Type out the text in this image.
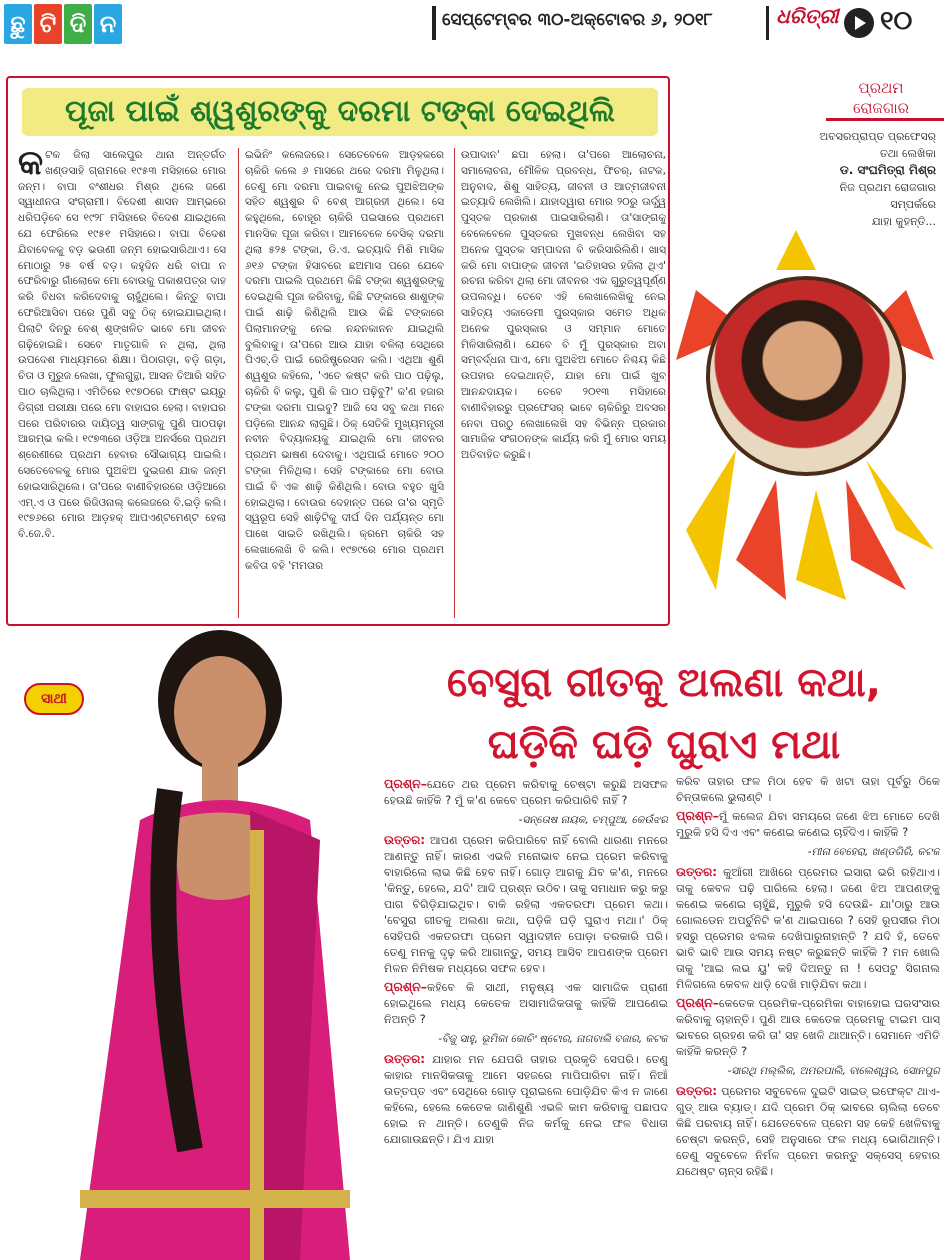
ଛୁ ଟି ଦି ନ	ସେପ୍ଟେମ୍ବର ୩୦-ଅକ୍ଟୋବର ୬, ୨୦୧୮	ଧରିତ୍ରୀ ୧୦
ପୂଜା ପାଇଁ ଶ୍ୱଶୁରଙ୍କୁ ଦରମା ଟଙ୍କା ଦେଇଥିଲି
କଟକ ଜିଲା ସାଲେପୁର ଥାନା ଅନ୍ତର୍ଗତ ଖଣ୍ଡସାହି ଗ୍ରାମରେ ୧୯୫୩ ମସିହାରେ ମୋର ଜନ୍ମ। ବାପା ବଂଶୀଧର ମିଶ୍ର ଥିଲେ ଜଣେ ସ୍ୱାଧୀନତା ସଂଗ୍ରାମୀ। ବିଦେଶୀ ଶାସନ ଆମ୍ଭରେ ଧରିପଡ଼ିବେ ସେ ୧୯୨୮ ମସିହାରେ ବିଦେଶ ଯାଇଥିଲେ ଯେ ଫେରିଲେ ୧୯୫୧ ମସିହାରେ। ବାପା ବିଦେଶ ଯିବାବେଳକୁ ବଡ଼ ଭଉଣୀ ଜନ୍ମ ହୋଇସାରିଥାଏ। ସେ ମୋଠାରୁ ୨୫ ବର୍ଷ ବଡ଼। କହୁଦିନ ଧରି ବାପା ନ ଫେରିବାରୁ ଗାଁଲୋକେ ମୋ ବୋଉକୁ ପକାଶପତ୍ର ଦାହ କରି ବିଧବା କରିଦେବାକୁ ଚାହୁଁଥିଲେ। କିନ୍ତୁ ବାପା ଫେରିଆସିବା ପରେ ପୁଣି ସବୁ ଠିକ୍ ହୋଇଯାଇଥିଲା। ପିଲାଟି ଦିନରୁ ବେଶ୍ ଶୃଙ୍ଖଳିତ ଭାବେ ମୋ ଜୀବନ ଗଢ଼ିହୋଇଛି। ସେବେ ମାତୃଗାଳି ନ ଥିଲା, ଥିଲା ଉପଦେଶ ମାଧ୍ୟମରେ ଶିକ୍ଷା। ପିଠାଗଡ଼ା, ବଡ଼ି ଗଡ଼ା, ଚିତା ଓ ମୁରୁଜ ଲେଖା, ଫୁଲଗୁନ୍ଥା, ଆସନ ତିଆରି ସହିତ ପାଠ ଚାଲିଥିଲା। ଏମିତିରେ ୧୯୭୦ରେ ଫାଷ୍ଟ ଇୟରୁ ଡିଗ୍ରୀ ପରୀକ୍ଷା ପରେ ମୋ ବାହାଘର ହେଲା। ବାହାଘର ପରେ ପରିବାରର ଦାୟିତ୍ୱ ସାଙ୍ଗକୁ ପୁଣି ପାଠପଢ଼ା ଆରମ୍ଭ କଲି। ୧୯୭୩ରେ ଓଡ଼ିଆ ଅନର୍ସରେ ପ୍ରଥମ ଶ୍ରେଣୀରେ ପ୍ରଥମ ହେବାର ସୌଭାଗ୍ୟ ପାଇଲି। ସେତେବେଳକୁ ମୋର ପୁଅଝିଅ ଦୁଇଜଣ ଯାକ ଜନ୍ମ ହୋଇସାରିଥିଲେ। ତା'ପରେ ବାଣୀବିହାରରେ ଓଡ଼ିଆରେ ଏମ୍.ଏ ଓ ପରେ ରିଜିଓନାଲ୍ କଲେଜରେ ବି.ଇଡ଼ି କଲି। ୧୯୭୬ରେ ମୋର ଆଡ଼ହକ୍ ଆପଏଣ୍ଟମେଣ୍ଟ ହେଲା ବି.ଜେ.ବି.
ଇଭିନିଂ କଲେଜରେ। ସେତେବେଳେ ଆଡ଼ହକରେ ଚାକିରି କଲେ ୬ ମାସରେ ଥରେ ଦରମା ମିଳୁଥିଲା। ତେଣୁ ମୋ ଦରମା ପାଇବାକୁ ନେଇ ପୁଅଝିଅଙ୍କ ସହିତ ଶ୍ୱଶୁର ବି ବେଶ୍ ଆଗ୍ରହୀ ଥିଲେ। ସେ କହୁଥିଲେ, ବୋହୂର ଚାକିରି ପଇସାରେ ପ୍ରଥମେ ମାନସିକ ପୂଜା କରିବା। ଆମବେଳେ ବେସିକ୍ ଦରମା ଥିଲା ୫୨୫ ଟଙ୍କା, ଡି.ଏ. ଇତ୍ୟାଦି ମିଶି ମାସିକ ୬୧୬ ଟଙ୍କା ହିସାବରେ ଛଅମାସ ପରେ ଯେବେ ଦରମା ପାଇଲି ପ୍ରଥମେ କିଛି ଟଙ୍କା ଶ୍ୱଶୁରଙ୍କୁ ଦେଇଥିଲି ପୂଜା କରିବାକୁ, କିଛି ଟଙ୍କାରେ ଶାଶୁଙ୍କ ପାଇଁ ଶାଢ଼ି କିଣିଥିଲି ଆଉ କିଛି ଟଙ୍କାରେ ପିଲାମାନଙ୍କୁ ନେଇ ନନ୍ଦନକାନନ ଯାଇଥିଲି ବୁଲିବାକୁ। ତା'ପରେ ଆଉ ଯାହା ବଳିଲା ସେଥିରେ ପିଏଚ୍.ଡି ପାଇଁ ରେଜିଷ୍ଟ୍ରେସନ କଲି। ଏଥିଆ ଶୁଣି ଶ୍ୱଶୁର କହିଲେ, 'ଏତେ କଷ୍ଟ କରି ପାଠ ପଢ଼ିଲୁ, ଚାକିରି ବି କଲୁ, ପୁଣି କି ପାଠ ପଢ଼ିବୁ?' କ'ଣ ହଜାର ଟଙ୍କା ଦରମା ପାଇବୁ? ଆଜି ସେ ସବୁ କଥା ମନେ ପଡ଼ିଲେ ଆନନ୍ଦ ଲାଗୁଛି। ଠିକ୍ ସେତିକି ମୁଖ୍ୟମନ୍ତ୍ରୀ ନବୀନ ବିଦ୍ୟାଳୟକୁ ଯାଇଥିଲି ମୋ ଜୀବନର ପ୍ରଥମ ଭାଷଣ ଦେବାକୁ। ଏଥିପାଇଁ ମୋତେ ୨୦୦ ଟଙ୍କା ମିଳିଥିଲା। ସେହି ଟଙ୍କାରେ ମୋ ବୋଉ ପାଇଁ ବି ଏକ ଶାଢ଼ି କିଣିଥିଲି। ବୋଉ ବହୁତ ଖୁସି ହୋଇଥିଲା। ବୋଉର ଦେହାନ୍ତ ପରେ ତା'ର ସ୍ମୃତି ସ୍ୱରୂପ ସେହି ଶାଢ଼ିଟିକୁ ଦୀର୍ଘ ଦିନ ପର୍ଯ୍ୟନ୍ତ ମୋ ପାଖେ ସାଇତି ରଖିଥିଲି। କ୍ରମେ ଚାକିରି ସହ ଲେଖାଲେଖି ବି କଲି। ୧୯୭୯ରେ ମୋର ପ୍ରଥମ କବିତା ବହି 'ମମତାର
ଉପାଦାନ' ଛପା ହେଲା। ତା'ପରେ ଆଲୋଚନା, ସମାଲୋଚନା, ମୌଳିକ ପ୍ରବନ୍ଧ, ଫିଚର୍, ନାଟକ, ଅନୁବାଦ, ଶିଶୁ ସାହିତ୍ୟ, ଜୀବନୀ ଓ ଆତ୍ମଜୀବନୀ ଇତ୍ୟାଦି ଲେଖିଲି। ଯାହାଦ୍ୱାରା ମୋର ୨୦ରୁ ଊର୍ଦ୍ଧ୍ୱ ପୁସ୍ତକ ପ୍ରକାଶ ପାଇସାରିଲାଣି। ତା'ସାଙ୍ଗକୁ ବେଳେବେଳେ ପୁସ୍ତକର ମୁଖବନ୍ଧ ଲେଖିବା ସହ ଅନେକ ପୁସ୍ତକ ସମ୍ପାଦନା ବି କରିସାରିଲିଣି। ଖାସ୍ କରି ମୋ ବାପାଙ୍କ ଜୀବନୀ 'ଇତିହାସର ହଜିଲା ଥିଏ' ରଚନା କରିବା ଥିଲା ମୋ ଜୀବନର ଏକ ଗୁରୁତ୍ୱପୂର୍ଣ୍ଣ ଉପଲବ୍ଧି। ତେବେ ଏହି ଲେଖାଲେଖିକୁ ନେଇ ସାହିତ୍ୟ ଏକାଡେମୀ ପୁରସ୍କାର ସମେତ ଅଧିକ ଅନେକ ପୁରସ୍କାର ଓ ସମ୍ମାନ ମୋତେ ମିଳିସାରିଲାଣି। ଯେବେ ବି ମୁଁ ପୁରସ୍କାର ଅବା ସମ୍ବର୍ଦ୍ଧନା ପାଏ, ମୋ ପୁଅଝିଅ ମୋତେ ନିଶ୍ଚୟ କିଛି ଉପହାର ଦେଇଥାନ୍ତି, ଯାହା ମୋ ପାଇଁ ଖୁବ୍ ଆନନ୍ଦଦାୟକ। ତେବେ ୨୦୧୩ ମସିହାରେ ବାଣୀବିହାରରୁ ପ୍ରଫେସର୍ ଭାବେ ଚାକିରିରୁ ଅବସର ନେବା ପରଠୁ ଲେଖାଲେଖି ସହ ବିଭିନ୍ନ ପ୍ରକାର ସାମାଜିକ ସଂଗଠନଙ୍କ କାର୍ଯ୍ୟ କରି ମୁଁ ମୋର ସମୟ ଅତିବାହିତ କରୁଛି।
ପ୍ରଥମ ରୋଜଗାର
ଅବସରପ୍ରାପ୍ତ ପ୍ରଫେସର୍
ତଥା ଲେଖିକା
ଡ. ସଂଘମିତ୍ରା ମିଶ୍ର
ନିଜ ପ୍ରଥମ ରୋଜଗାର
ସମ୍ପର୍କରେ
ଯାହା କୁହନ୍ତି...
ସାଥୀ	ବେସୁରା ଗୀତକୁ ଅଲଣା କଥା,
ଘଡ଼ିକି ଘଡ଼ି ଘୁରାଏ ମଥା

ପ୍ରଶ୍ନ–ଯେତେ ଥର ପ୍ରେମ କରିବାକୁ ଚେଷ୍ଟା କରୁଛି ଅସଫଳ ହେଉଛି କାହିଁକି ? ମୁଁ କ'ଣ କେବେ ପ୍ରେମ କରିପାରିବି ନାହିଁ ?

-ସନ୍ତୋଷ ନାୟକ, ଚମ୍ପୁଆ, କେଉଁଝର

ଉତ୍ତର: ଆପଣ ପ୍ରେମ କରିପାରିବେ ନାହିଁ ବୋଲି ଧାରଣା ମନରେ ଆଣନ୍ତୁ ନାହିଁ। କାରଣ ଏଭଳି ମନୋଭାବ ନେଇ ପ୍ରେମ କରିବାକୁ ବାହାରିଲେ ଲାଭ କିଛି ହେବ ନାହିଁ। ଗୋଡ଼ ଆଗକୁ ଯିବ କ'ଣ, ମନରେ 'କିନ୍ତୁ, ହେଲେ, ଯଦି' ଆଦି ପ୍ରଶ୍ନ ଉଠିବ। ତାକୁ ସମାଧାନ କରୁ କରୁ ପାଗ ବିଗିଡ଼ିଯାଇଥିବ। ବାକି ରହିଲା ଏକତରଫା ପ୍ରେମ କଥା। 'ବେସୁରା ଗୀତକୁ ଅଲଣା କଥା, ଘଡ଼ିକି ଘଡ଼ି ଘୁରାଏ ମଥା।' ଠିକ୍ ସେହିପରି ଏକତରଫା ପ୍ରେମ ସ୍ୱାଦହୀନ ପୋଡ଼ା ତରକାରି ପରି। ତେଣୁ ମନକୁ ଦୃଢ଼ କରି ଆଗାନ୍ତୁ, ସମୟ ଆସିବ ଆପଣଙ୍କ ପ୍ରେମ ମିଳନ ନିମିଷକ ମଧ୍ୟରେ ସଫଳ ହେବ।

ପ୍ରଶ୍ନ–କହିବେ କି ସାଥୀ, ମନୁଷ୍ୟ ଏକ ସାମାଜିକ ପ୍ରାଣୀ ହୋଇଥିଲେ ମଧ୍ୟ କେତେକ ଅସାମାଜିକତାକୁ କାହିଁକି ଆପଣେଇ ନିଅନ୍ତି ?

-ବିଜୁ ସାହୁ, ଭୂମିକା କୋଚିଂ ଷ୍ଟୋର, ନାଗବାଲି ବଜାର, କଟକ

ଉତ୍ତର: ଯାହାର ମନ ଯେପରି ତାହାର ପ୍ରକୃତି ସେପରି। ତେଣୁ କାହାର ମାନସିକତାକୁ ଆମେ ସହଜରେ ମାପିପାରିବା ନାହିଁ। ନିଆଁ ଉତ୍ତପ୍ତ ଏବଂ ସେଥିରେ ଗୋଡ଼ ପୂରାଇଲେ ପୋଡ଼ିଯିବ କିଏ ନ ଜାଣେ କହିଲେ, ହେଲେ କେତେକ ଜାଣିଶୁଣି ଏଭଳି କାମ କରିବାକୁ ପଛାପଦ ହୋଇ ନ ଥାନ୍ତି। ତେଣୁକି ନିଜ କର୍ମକୁ ନେଇ ଫଳ ବିଧାତା ଯୋଗାଉଛନ୍ତି। ଯିଏ ଯାହା

କରିବ ତାହାର ଫଳ ମିଠା ହେବ କି ଖଟା ତାହା ପୂର୍ବରୁ ଠିକେ ଚିନ୍ତାକଲେ ଭୁଲାଣ୍ଟି ।

ପ୍ରଶ୍ନ–ମୁଁ କଲେଜ ଯିବା ସମୟରେ ଜଣେ ଝିଅ ମୋତେ ଦେଖି ମୁରୁକି ହସି ଦିଏ ଏବଂ କଣେଇ କଣେଇ ଚାହିଁଦିଏ। କାହିଁକି ?

-ମୀନା ବେହେରା, ଖଣ୍ଡଗିରି, କଟକ

ଉତ୍ତର: କୁଆଁରୀ ଆଖିରେ ପ୍ରେମର ଇସାରା ଭରି ରହିଥାଏ। ତାକୁ କେବଳ ପଢ଼ି ପାରିଲେ ହେଲା। ଜଣେ ଝିଅ ଆପଣଙ୍କୁ କଣେଇ କଣେଇ ଚାହୁଁଛି, ମୁରୁକି ହସି ଦେଉଛି- ଯା'ଠାରୁ ଆଉ ଗୋଲଡେନ ଅପର୍ଚୁନିଟି କ'ଣ ଥାଇପାରେ ? ସେହି ରୂପସୀର ମିଠା ହସରୁ ପ୍ରେମର ଝଲକ ଦେଖିପାରୁନାହାନ୍ତି ? ଯଦି ହଁ, ତେବେ ଭାବି ଭାବି ଆଉ ସମୟ ନଷ୍ଟ କରୁଛନ୍ତି କାହିଁକି ? ମନ ଖୋଲି ତାକୁ 'ଆଇ ଲଭ ୟୁ' କହି ଦିଅନ୍ତୁ ନା ! ସେପଟୁ ସିଗନାଲ ମିଳିଗଲେ କେବଳ ଧାଡ଼ି ଦେଖି ମାଡ଼ିଯିବା କଥା।

ପ୍ରଶ୍ନ–କେତେକ ପ୍ରେମିକ-ପ୍ରେମିକା ବାହାହୋଇ ଘରସଂସାର କରିବାକୁ ଚାହାନ୍ତି। ପୁଣି ଆଉ କେତେକ ପ୍ରେମକୁ ଟାଇମ ପାସ୍ ଭାବରେ ଗ୍ରହଣ କରି ତା' ସହ ଖେଳି ଥାଆନ୍ତି। ସେମାନେ ଏମିତି କାହିଁକି କରନ୍ତି ?

-ସାରଥି ମଲ୍ଲିକ, ଅମରପାଲି, ବାଲେଶ୍ୱର, ସୋନପୁର

ଉତ୍ତର: ପ୍ରେମର ସବୁବେଳେ ଦୁଇଟି ସାଇଡ୍ ଇଫେକ୍ଟ ଥାଏ- ଗୁଡ୍ ଆଉ ବ୍ୟାଡ୍। ଯଦି ପ୍ରେମ ଠିକ୍ ଭାବରେ ଚାଲିଲା ତେବେ କିଛି ପରବାୟ ନାହିଁ। ଯେତେବେଳେ ପ୍ରେମ ସହ କେହି ଖେଳିବାକୁ ଚେଷ୍ଟା କରନ୍ତି, ସେହି ଅନୁସାରେ ଫଳ ମଧ୍ୟ ଭୋଗିଥାନ୍ତି। ତେଣୁ ସବୁବେଳେ ନିର୍ମଳ ପ୍ରେମ କରନ୍ତୁ ସକ୍‌ସେସ୍ ହେବାର ଯଥେଷ୍ଟ ଚାନ୍ସ ରହିଛି।
